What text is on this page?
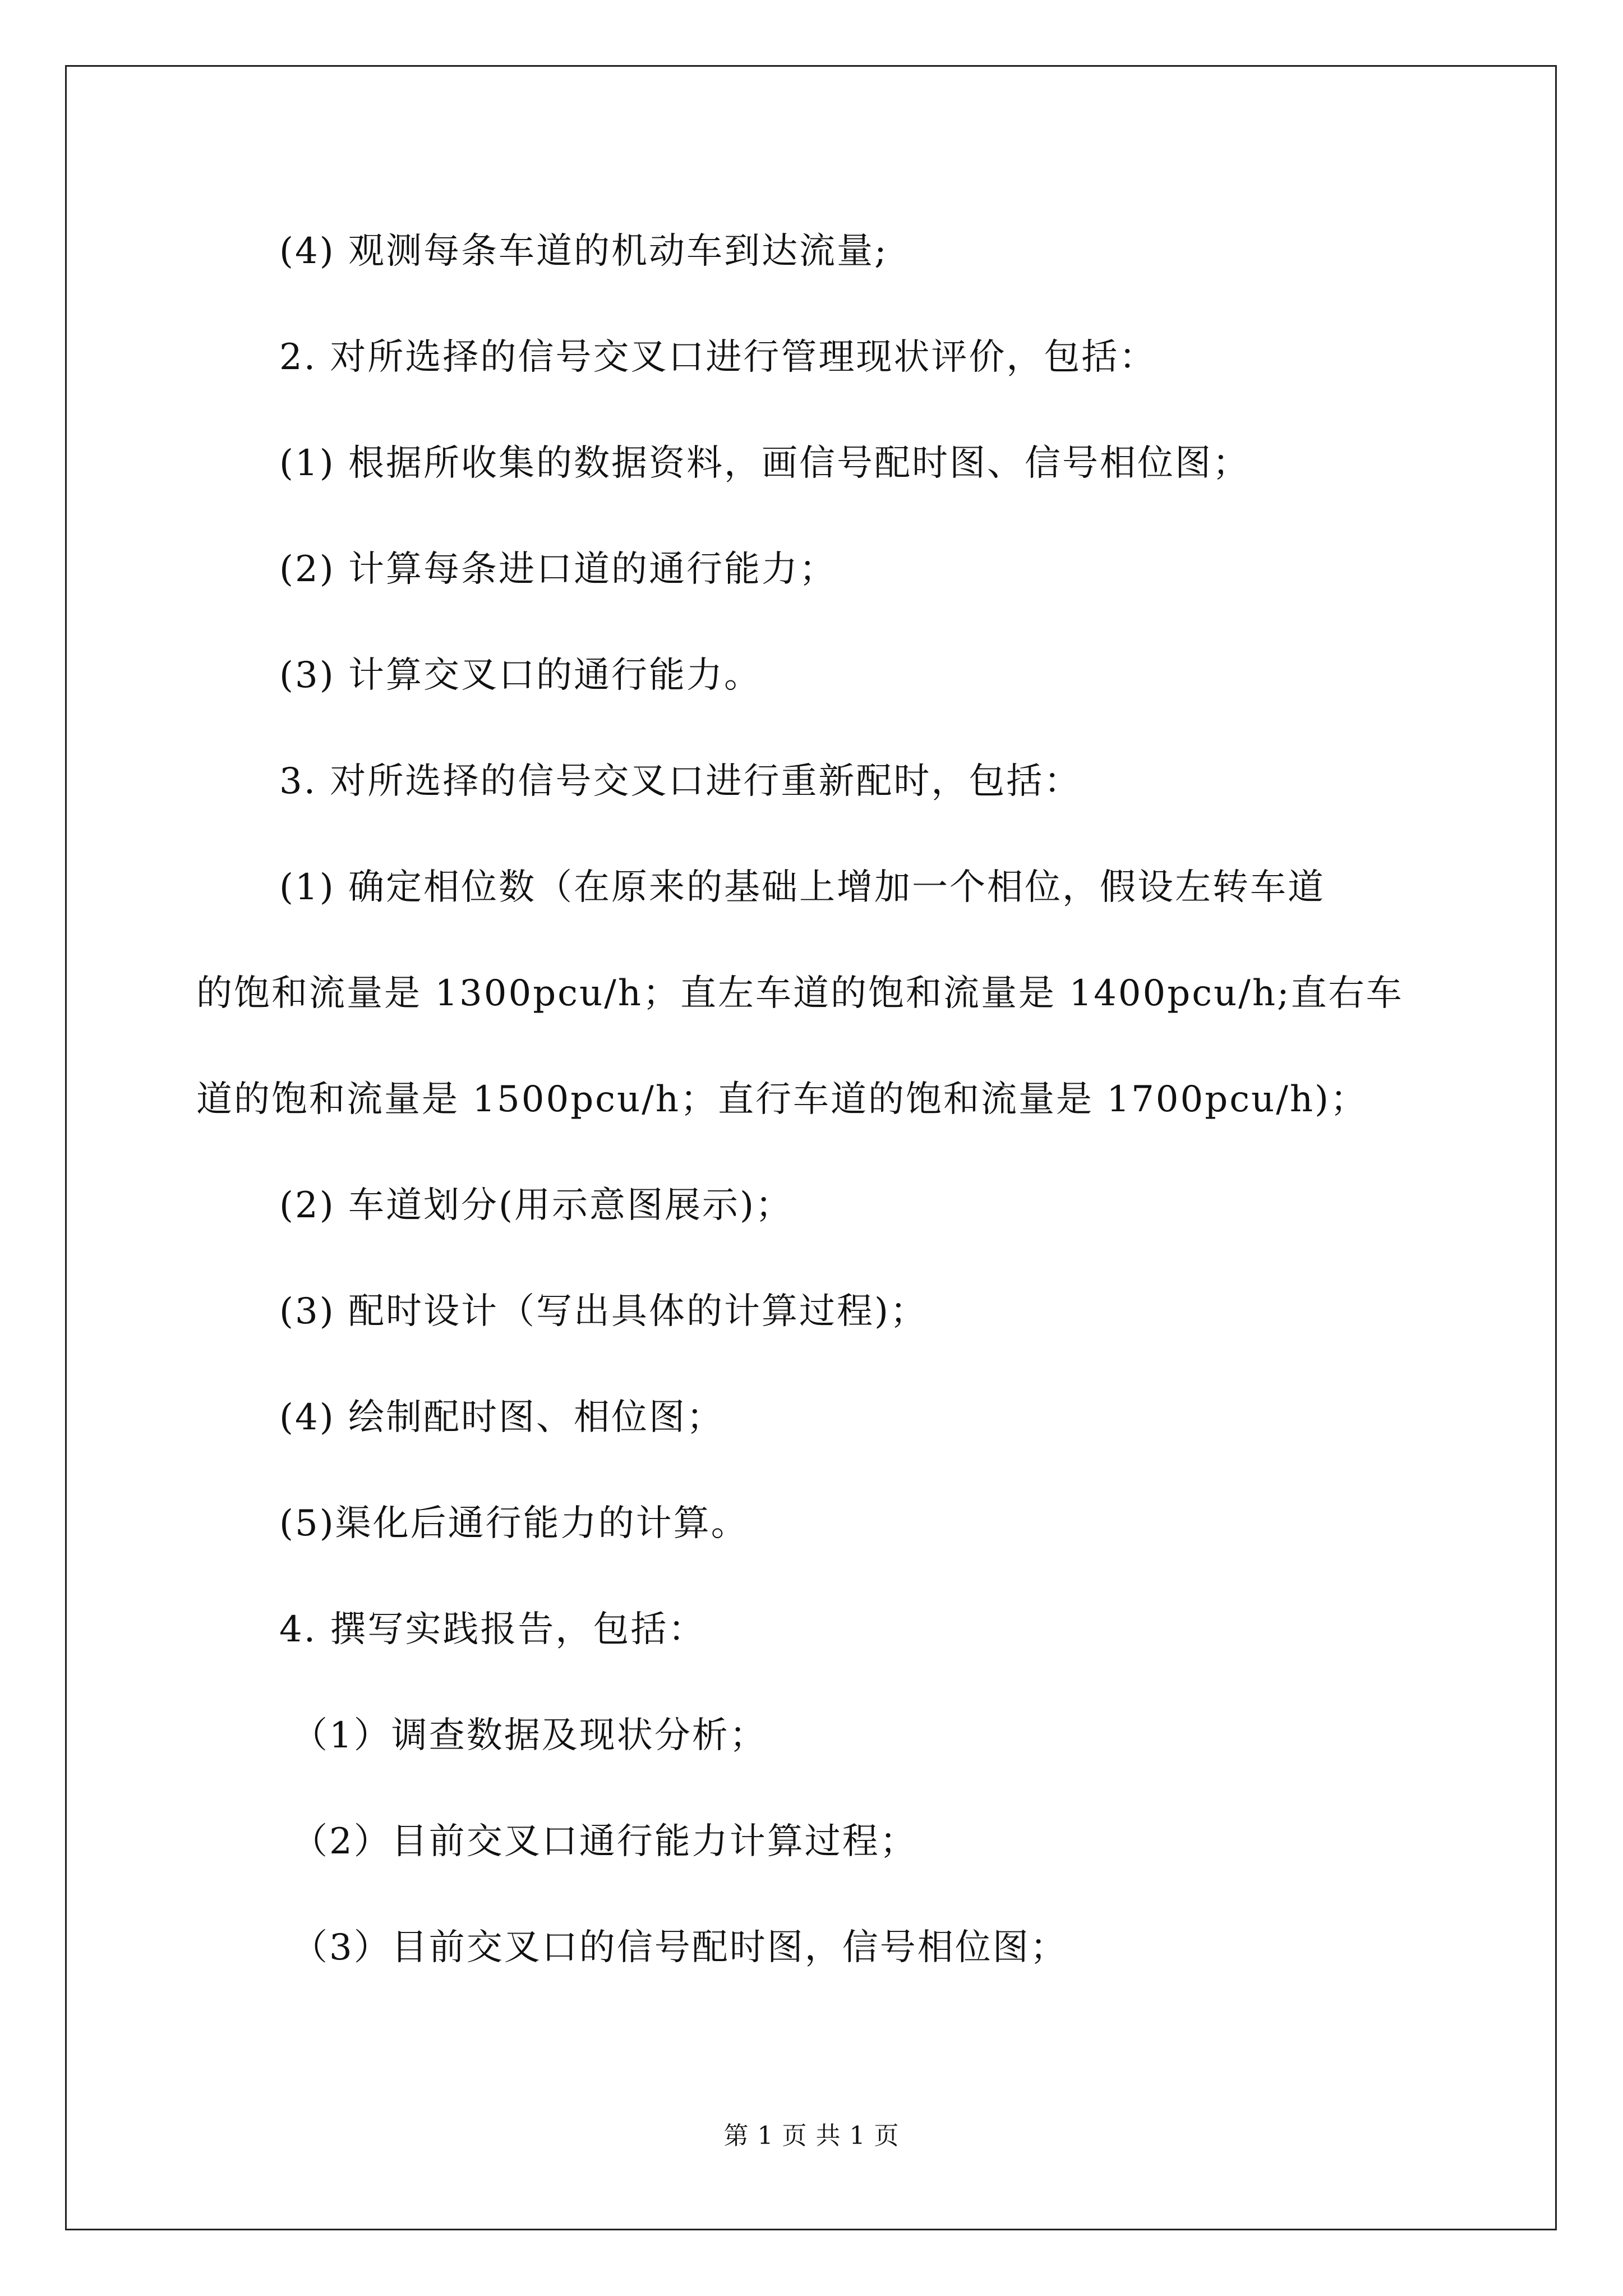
(4) 观测每条车道的机动车到达流量;
2. 对所选择的信号交叉口进行管理现状评价，包括：
(1) 根据所收集的数据资料，画信号配时图、信号相位图；
(2) 计算每条进口道的通行能力；
(3) 计算交叉口的通行能力。
3. 对所选择的信号交叉口进行重新配时，包括：
(1) 确定相位数（在原来的基础上增加一个相位，假设左转车道
的饱和流量是 1300pcu/h；直左车道的饱和流量是 1400pcu/h;直右车
道的饱和流量是 1500pcu/h；直行车道的饱和流量是 1700pcu/h)；
(2) 车道划分(用示意图展示)；
(3) 配时设计（写出具体的计算过程)；
(4) 绘制配时图、相位图；
(5)渠化后通行能力的计算。
4. 撰写实践报告，包括：
（1）调查数据及现状分析；
（2）目前交叉口通行能力计算过程；
（3）目前交叉口的信号配时图，信号相位图；
第 1 页 共 1 页
